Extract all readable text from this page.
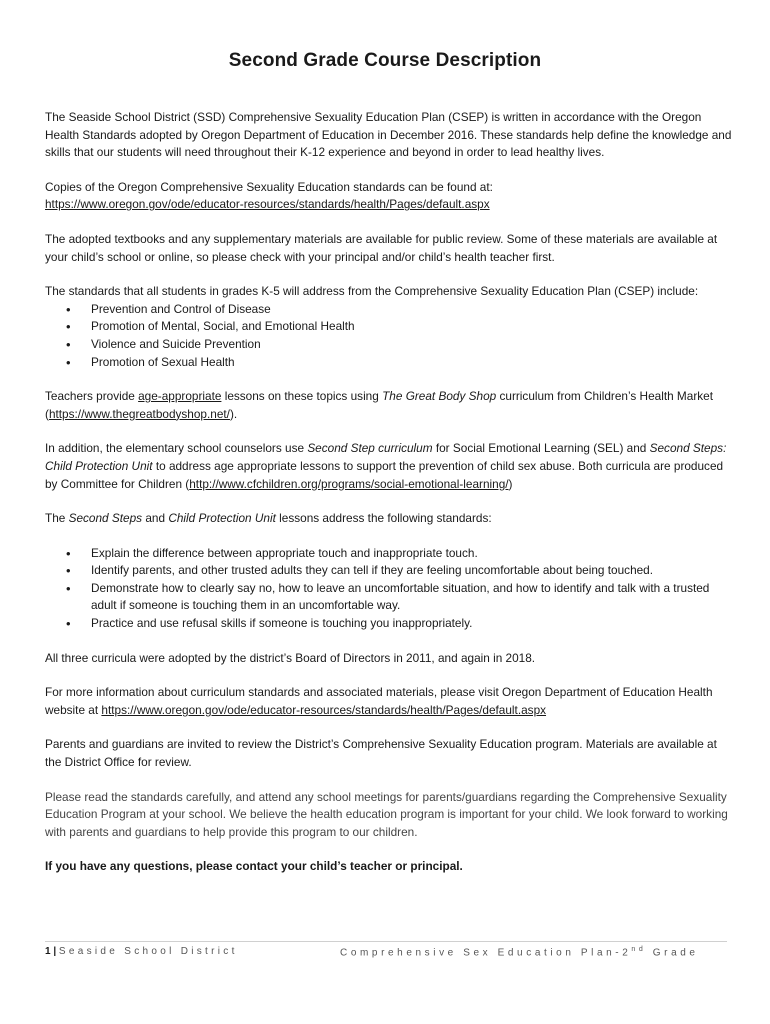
Second Grade Course Description

The Seaside School District (SSD) Comprehensive Sexuality Education Plan (CSEP) is written in accordance with the Oregon Health Standards adopted by Oregon Department of Education in December 2016. These standards help define the knowledge and skills that our students will need throughout their K-12 experience and beyond in order to lead healthy lives.

Copies of the Oregon Comprehensive Sexuality Education standards can be found at:
https://www.oregon.gov/ode/educator-resources/standards/health/Pages/default.aspx

The adopted textbooks and any supplementary materials are available for public review. Some of these materials are available at your child’s school or online, so please check with your principal and/or child’s health teacher first.

The standards that all students in grades K-5 will address from the Comprehensive Sexuality Education Plan (CSEP) include:

• Prevention and Control of Disease
• Promotion of Mental, Social, and Emotional Health
• Violence and Suicide Prevention
• Promotion of Sexual Health

Teachers provide age-appropriate lessons on these topics using The Great Body Shop curriculum from Children’s Health Market (https://www.thegreatbodyshop.net/).

In addition, the elementary school counselors use Second Step curriculum for Social Emotional Learning (SEL) and Second Steps: Child Protection Unit to address age appropriate lessons to support the prevention of child sex abuse. Both curricula are produced by Committee for Children (http://www.cfchildren.org/programs/social-emotional-learning/)

The Second Steps and Child Protection Unit lessons address the following standards:

• Explain the difference between appropriate touch and inappropriate touch.
• Identify parents, and other trusted adults they can tell if they are feeling uncomfortable about being touched.
• Demonstrate how to clearly say no, how to leave an uncomfortable situation, and how to identify and talk with a trusted adult if someone is touching them in an uncomfortable way.
• Practice and use refusal skills if someone is touching you inappropriately.

All three curricula were adopted by the district’s Board of Directors in 2011, and again in 2018.

For more information about curriculum standards and associated materials, please visit Oregon Department of Education Health website at https://www.oregon.gov/ode/educator-resources/standards/health/Pages/default.aspx

Parents and guardians are invited to review the District’s Comprehensive Sexuality Education program. Materials are available at the District Office for review.

Please read the standards carefully, and attend any school meetings for parents/guardians regarding the Comprehensive Sexuality Education Program at your school. We believe the health education program is important for your child. We look forward to working with parents and guardians to help provide this program to our children.

If you have any questions, please contact your child’s teacher or principal.

1 | Seaside School District	Comprehensive Sex Education Plan-2nd Grade
